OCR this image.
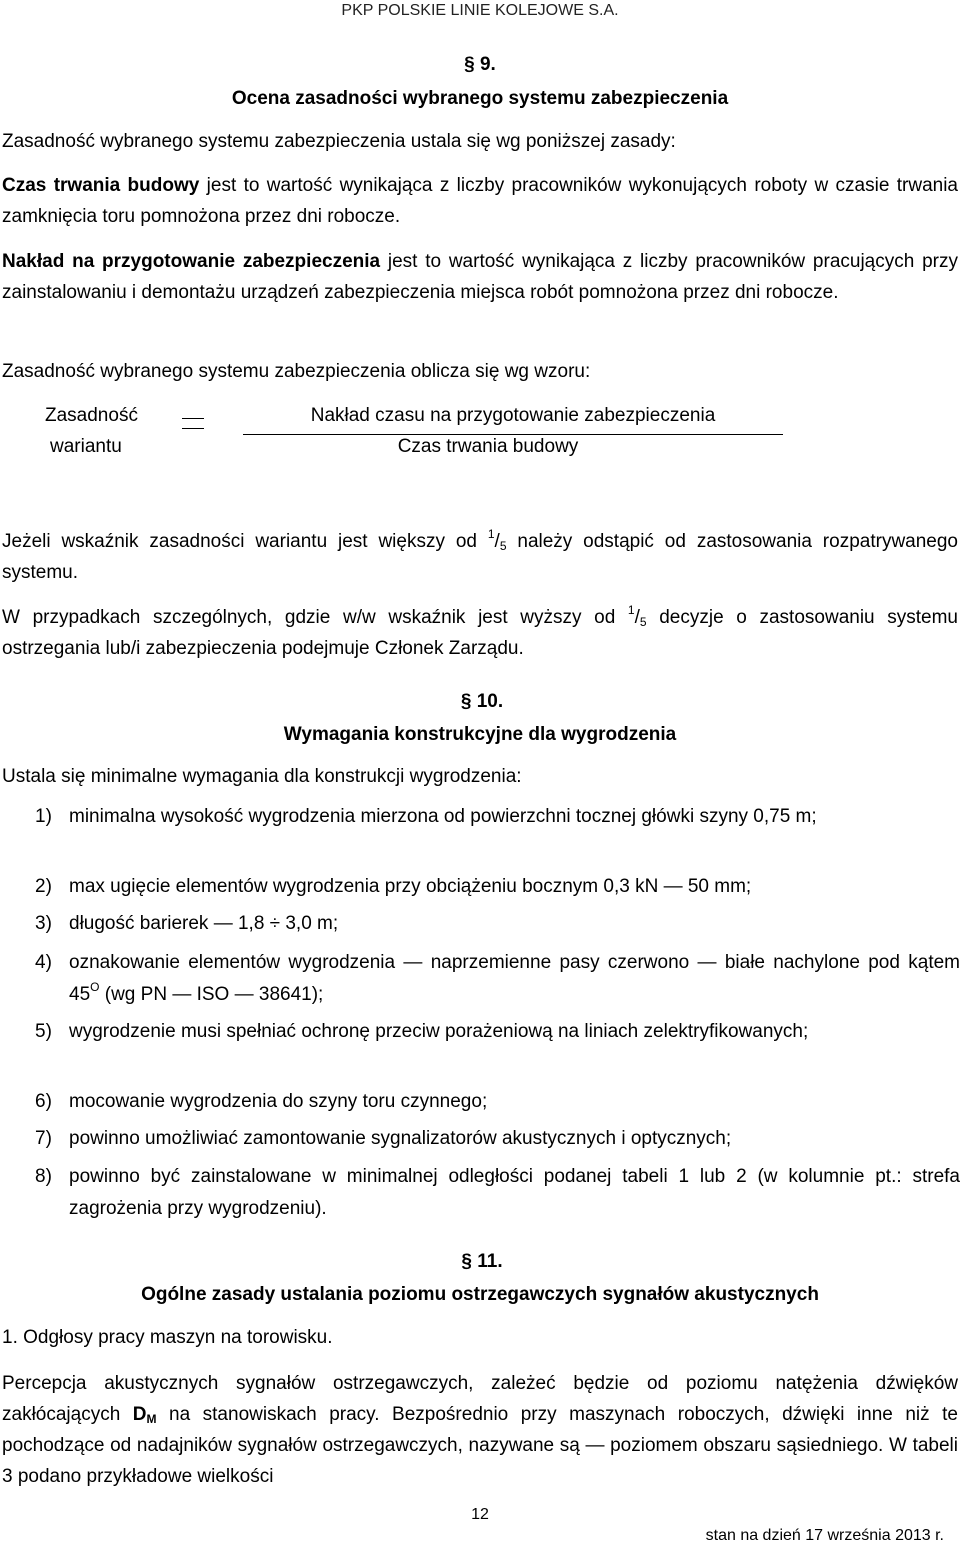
PKP POLSKIE LINIE KOLEJOWE S.A.
§ 9.
Ocena zasadności wybranego systemu zabezpieczenia
Zasadność wybranego systemu zabezpieczenia ustala się wg poniższej zasady:
Czas trwania budowy jest to wartość wynikająca z liczby pracowników wykonujących roboty w czasie trwania zamknięcia toru pomnożona przez dni robocze.
Nakład na przygotowanie zabezpieczenia jest to wartość wynikająca z liczby pracowników pracujących przy zainstalowaniu i demontażu urządzeń zabezpieczenia miejsca robót pomnożona przez dni robocze.
Zasadność wybranego systemu zabezpieczenia oblicza się wg wzoru:
Zasadność
wariantu
Nakład czasu na przygotowanie zabezpieczenia
Czas trwania budowy
Jeżeli wskaźnik zasadności wariantu jest większy od $^1/_5$ należy odstąpić od zastosowania rozpatrywanego systemu.
W przypadkach szczególnych, gdzie w/w wskaźnik jest wyższy od $^1/_5$ decyzje o zastosowaniu systemu ostrzegania lub/i zabezpieczenia podejmuje Członek Zarządu.
§ 10.
Wymagania konstrukcyjne dla wygrodzenia
Ustala się minimalne wymagania dla konstrukcji wygrodzenia:
1) minimalna wysokość wygrodzenia mierzona od powierzchni tocznej główki szyny 0,75 m;
2) max ugięcie elementów wygrodzenia przy obciążeniu bocznym 0,3 kN — 50 mm;
3) długość barierek — 1,8 ÷ 3,0 m;
4) oznakowanie elementów wygrodzenia — naprzemienne pasy czerwono — białe nachylone pod kątem $45^O$ (wg PN — ISO — 38641);
5) wygrodzenie musi spełniać ochronę przeciw porażeniową na liniach zelektryfikowanych;
6) mocowanie wygrodzenia do szyny toru czynnego;
7) powinno umożliwiać zamontowanie sygnalizatorów akustycznych i optycznych;
8) powinno być zainstalowane w minimalnej odległości podanej tabeli 1 lub 2 (w kolumnie pt.: strefa zagrożenia przy wygrodzeniu).
§ 11.
Ogólne zasady ustalania poziomu ostrzegawczych sygnałów akustycznych
1. Odgłosy pracy maszyn na torowisku.
Percepcja akustycznych sygnałów ostrzegawczych, zależeć będzie od poziomu natężenia dźwięków zakłócających $D_M$ na stanowiskach pracy. Bezpośrednio przy maszynach roboczych, dźwięki inne niż te pochodzące od nadajników sygnałów ostrzegawczych, nazywane są — poziomem obszaru sąsiedniego. W tabeli 3 podano przykładowe wielkości
12
stan na dzień 17 września 2013 r.
